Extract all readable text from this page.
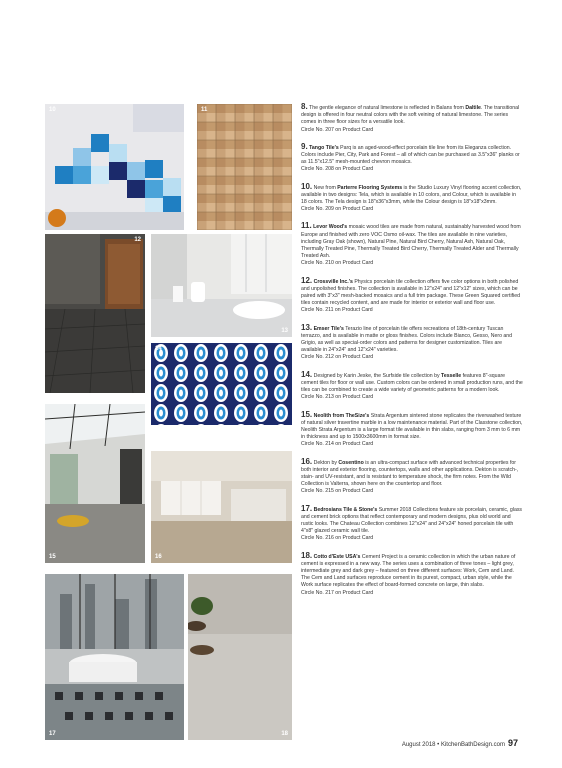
10	11
12
13
14
15	16
17	18
8. The gentle elegance of natural limestone is reflected in Balans from Daltile. The transitional design is offered in four neutral colors with the soft veining of natural limestone. The series comes in three floor sizes for a versatile look.
Circle No. 207 on Product Card
9. Tango Tile's Parq is an aged-wood-effect porcelain tile line from its Eleganza collection. Colors include Pier, City, Park and Forest – all of which can be purchased as 3.5"x36" planks or as 11.5"x12.5" mesh-mounted chevron mosaics.
Circle No. 208 on Product Card
10. New from Parterre Flooring Systems is the Studio Luxury Vinyl flooring accent collection, available in two designs: Tela, which is available in 10 colors, and Colour, which is available in 18 colors. The Tela design is 18"x36"x3mm, while the Colour design is 18"x18"x3mm.
Circle No. 209 on Product Card
11. Levor Wood's mosaic wood tiles are made from natural, sustainably harvested wood from Europe and finished with zero VOC Osmo oil-wax. The tiles are available in nine varieties, including Gray Oak (shown), Natural Pine, Natural Bird Cherry, Natural Ash, Natural Oak, Thermally Treated Pine, Thermally Treated Bird Cherry, Thermally Treated Alder and Thermally Treated Ash.
Circle No. 210 on Product Card
12. Crossville Inc.'s Physics porcelain tile collection offers five color options in both polished and unpolished finishes. The collection is available in 12"x24" and 12"x12" sizes, which can be paired with 3"x3" mesh-backed mosaics and a full trim package. These Green Squared certified tiles contain recycled content, and are made for interior or exterior wall and floor use.
Circle No. 211 on Product Card
13. Emser Tile's Terazio line of porcelain tile offers recreations of 18th-century Tuscan terrazzo, and is available in matte or gloss finishes. Colors include Bianco, Gesso, Nero and Grigio, as well as special-order colors and patterns for designer customization. Tiles are available in 24"x24" and 12"x24" varieties.
Circle No. 212 on Product Card
14. Designed by Karin Jeske, the Surfside tile collection by Tesselle features 8"-square cement tiles for floor or wall use. Custom colors can be ordered in small production runs, and the tiles can be combined to create a wide variety of geometric patterns for a modern look.
Circle No. 213 on Product Card
15. Neolith from TheSize's Strata Argentum sintered stone replicates the riverwashed texture of natural silver travertine marble in a low maintenance material. Part of the Classtone collection, Neolith Strata Argentum is a large format tile available in thin slabs, ranging from 3 mm to 6 mm in thickness and up to 1500x3600mm in format size.
Circle No. 214 on Product Card
16. Dekton by Cosentino is an ultra-compact surface with advanced technical properties for both interior and exterior flooring, countertops, walls and other applications. Dekton is scratch-, stain- and UV-resistant, and is resistant to temperature shock, the firm notes. From the Wild Collection is Valterra, shown here on the countertop and floor.
Circle No. 215 on Product Card
17. Bedrosians Tile & Stone's Summer 2018 Collections feature six porcelain, ceramic, glass and cement brick options that reflect contemporary and modern designs, plus old world and rustic looks. The Chateau Collection combines 12"x24" and 24"x24" honed porcelain tile with 4"x8" glazed ceramic wall tile.
Circle No. 216 on Product Card
18. Cotto d'Este USA's Cement Project is a ceramic collection in which the urban nature of cement is expressed in a new way. The series uses a combination of three tones – light grey, intermediate grey and dark grey – featured on three different surfaces: Work, Cem and Land. The Cem and Land surfaces reproduce cement in its purest, compact, urban style, while the Work surface replicates the effect of board-formed concrete on large, thin slabs.
Circle No. 217 on Product Card
August 2018 • KitchenBathDesign.com 97
